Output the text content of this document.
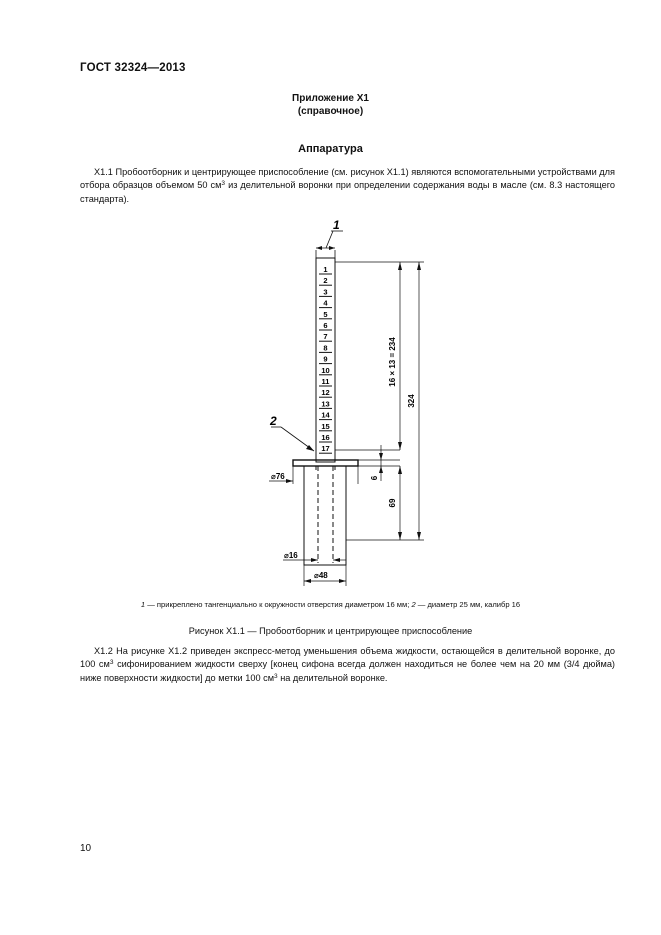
ГОСТ 32324—2013
Приложение Х1
(справочное)
Аппаратура
Х1.1 Пробоотборник и центрирующее приспособление (см. рисунок Х1.1) являются вспомогательными устройствами для отбора образцов объемом 50 $см^3$ из делительной воронки при определении содержания воды в масле (см. 8.3 настоящего стандарта).
1
2
3
4
5
6
7
8
9
10
11
12
13
14
15
16
17
1
2
16 × 13 = 234
324
6
69
⌀76
⌀16
⌀48
1 — прикреплено тангенциально к окружности отверстия диаметром 16 мм; 2 — диаметр 25 мм, калибр 16
Рисунок Х1.1 — Пробоотборник и центрирующее приспособление
Х1.2 На рисунке Х1.2 приведен экспресс-метод уменьшения объема жидкости, остающейся в делительной воронке, до 100 $см^3$ сифонированием жидкости сверху [конец сифона всегда должен находиться не более чем на 20 мм (3/4 дюйма) ниже поверхности жидкости] до метки 100 $см^3$ на делительной воронке.
10
